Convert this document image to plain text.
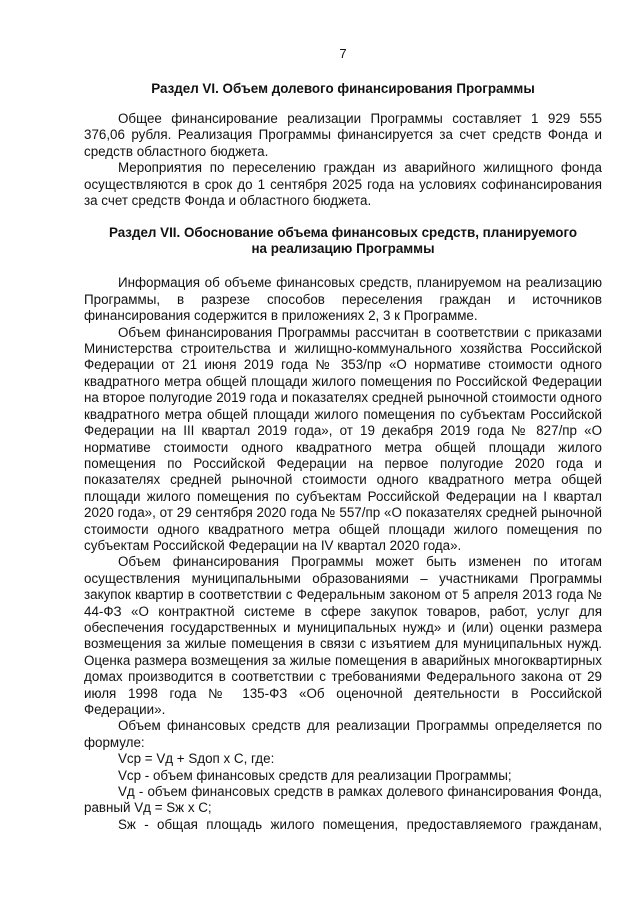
7
Раздел VI. Объем долевого финансирования Программы

Общее финансирование реализации Программы составляет 1 929 555 376,06 рубля. Реализация Программы финансируется за счет средств Фонда и средств областного бюджета.

Мероприятия по переселению граждан из аварийного жилищного фонда осуществляются в срок до 1 сентября 2025 года на условиях софинансирования за счет средств Фонда и областного бюджета.

Раздел VII. Обоснование объема финансовых средств, планируемого
на реализацию Программы

Информация об объеме финансовых средств, планируемом на реализацию Программы, в разрезе способов переселения граждан и источников финансирования содержится в приложениях 2, 3 к Программе.

Объем финансирования Программы рассчитан в соответствии с приказами Министерства строительства и жилищно-коммунального хозяйства Российской Федерации от 21 июня 2019 года № 353/пр «О нормативе стоимости одного квадратного метра общей площади жилого помещения по Российской Федерации на второе полугодие 2019 года и показателях средней рыночной стоимости одного квадратного метра общей площади жилого помещения по субъектам Российской Федерации на III квартал 2019 года», от 19 декабря 2019 года № 827/пр «О нормативе стоимости одного квадратного метра общей площади жилого помещения по Российской Федерации на первое полугодие 2020 года и показателях средней рыночной стоимости одного квадратного метра общей площади жилого помещения по субъектам Российской Федерации на I квартал 2020 года», от 29 сентября 2020 года № 557/пр «О показателях средней рыночной стоимости одного квадратного метра общей площади жилого помещения по субъектам Российской Федерации на IV квартал 2020 года».

Объем финансирования Программы может быть изменен по итогам осуществления муниципальными образованиями – участниками Программы закупок квартир в соответствии с Федеральным законом от 5 апреля 2013 года № 44-ФЗ «О контрактной системе в сфере закупок товаров, работ, услуг для обеспечения государственных и муниципальных нужд» и (или) оценки размера возмещения за жилые помещения в связи с изъятием для муниципальных нужд. Оценка размера возмещения за жилые помещения в аварийных многоквартирных домах производится в соответствии с требованиями Федерального закона от 29 июля 1998 года № 135-ФЗ «Об оценочной деятельности в Российской Федерации».

Объем финансовых средств для реализации Программы определяется по формуле:

Vср = Vд + Sдоп x C, где:

Vср - объем финансовых средств для реализации Программы;

Vд - объем финансовых средств в рамках долевого финансирования Фонда, равный Vд = Sж x C;

Sж - общая площадь жилого помещения, предоставляемого гражданам,
